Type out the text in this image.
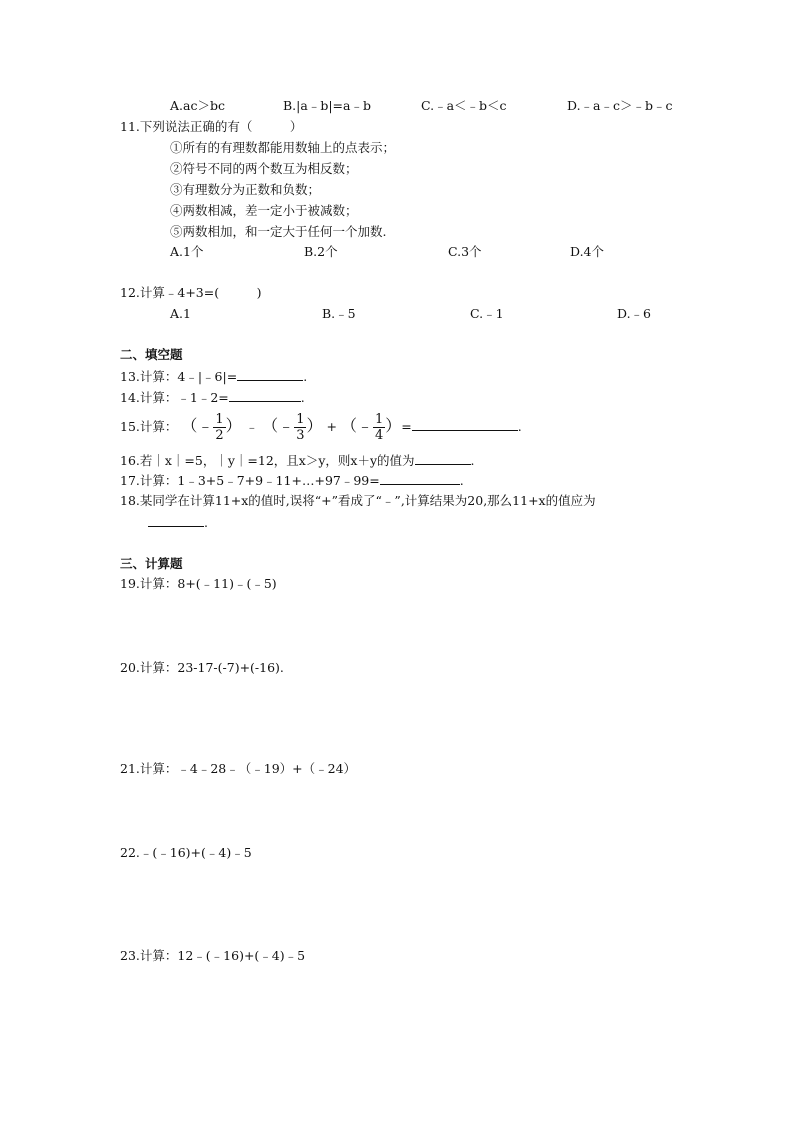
A.ac＞bc	B.|a﹣b|=a﹣b	C.﹣a＜﹣b＜c	D.﹣a﹣c＞﹣b﹣c
11.下列说法正确的有（　　　）
①所有的有理数都能用数轴上的点表示；
②符号不同的两个数互为相反数；
③有理数分为正数和负数；
④两数相减，差一定小于被减数；
⑤两数相加，和一定大于任何一个加数.
A.1个	B.2个	C.3个	D.4个
12.计算﹣4+3=(　　　)
A.1	B.﹣5	C.﹣1	D.﹣6
二、填空题
13.计算：4﹣|﹣6|=	.
14.计算：﹣1﹣2=	.
15.计算： （﹣ $\frac{1}{2}$ ） ﹣ （﹣ $\frac{1}{3}$ ） + （﹣ $\frac{1}{4}$ ）=	.
16.若｜x｜=5，｜y｜=12，且x＞y，则x＋y的值为	.
17.计算：1﹣3+5﹣7+9﹣11+…+97﹣99=	.
18.某同学在计算11+x的值时,误将“+”看成了“﹣”,计算结果为20,那么11+x的值应为
.
三、计算题
19.计算：8+(﹣11)﹣(﹣5)
20.计算：23-17-(-7)+(-16).
21.计算：﹣4﹣28﹣（﹣19）+（﹣24）
22.﹣(﹣16)+(﹣4)﹣5
23.计算：12﹣(﹣16)+(﹣4)﹣5
